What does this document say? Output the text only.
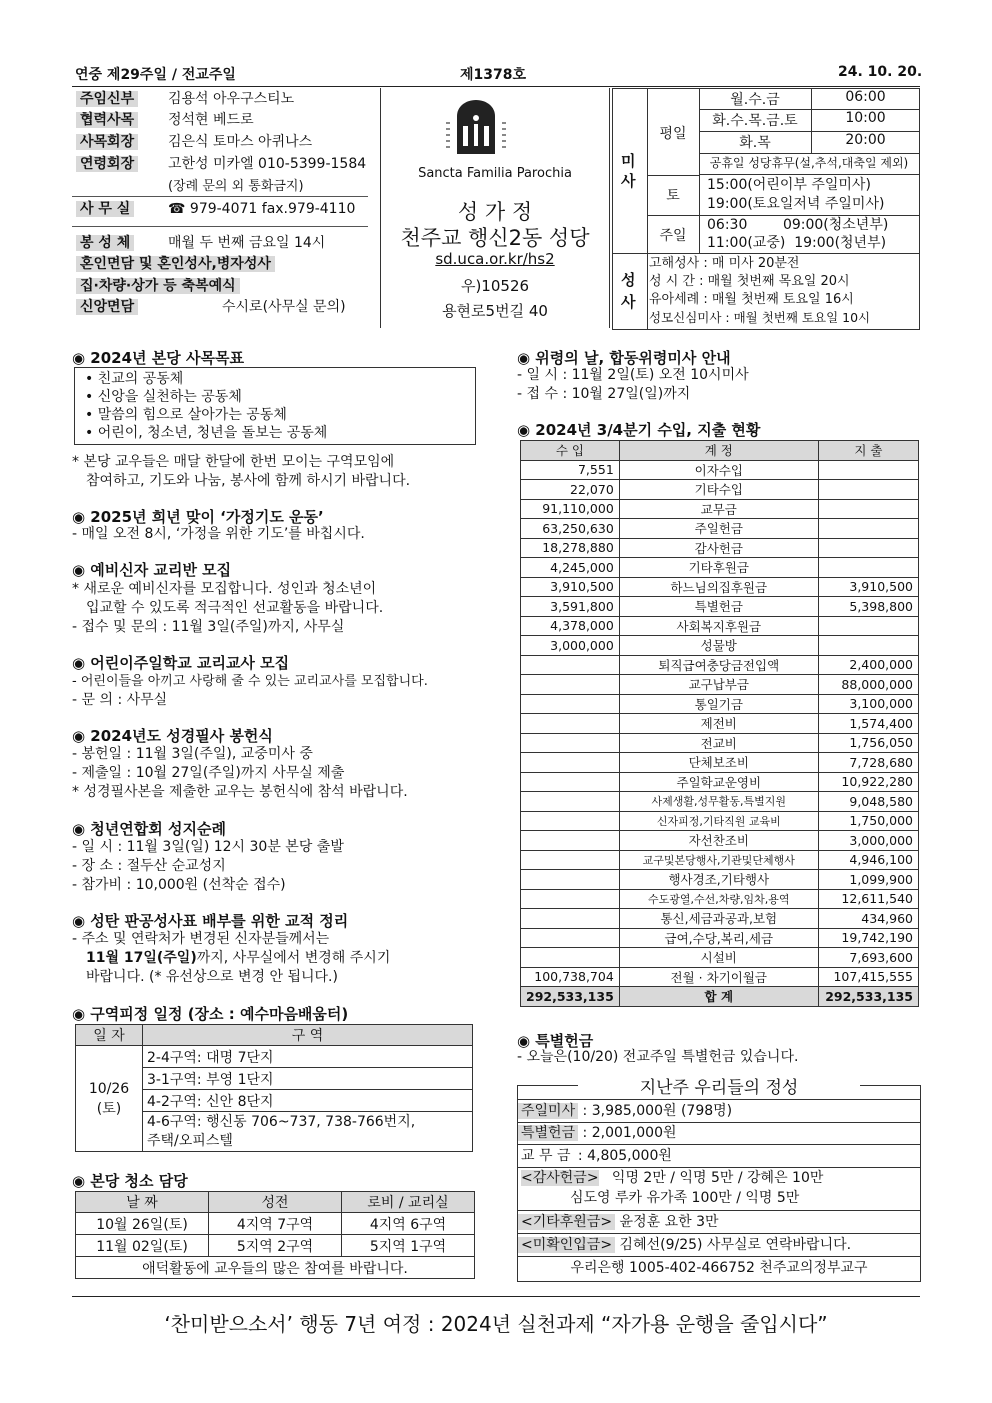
연중 제29주일 / 전교주일	제1378호	24. 10. 20.
주임신부 김용석 아우구스티노
협력사목 정석현 베드로
사목회장 김은식 토마스 아퀴나스
연령회장 고한성 미카엘 010-5399-1584
(장례 문의 외 통화금지)
사 무 실	☎ 979-4071 fax.979-4110
봉 성 체	매월 두 번째 금요일 14시
혼인면담 및 혼인성사,병자성사
집·차량·상가 등 축복예식
신앙면담	수시로(사무실 문의)
Sancta Familia Parochia
성 가 정
천주교 행신2동 성당
sd.uca.or.kr/hs2
우)10526
용현로5번길 40
미사
평일
월.수.금	06:00
화.수.목.금.토	10:00
화.목	20:00
공휴일 성당휴무(설,추석,대축일 제외)
토
15:00(어린이부 주일미사)
19:00(토요일저녁 주일미사)
주일
06:30        09:00(청소년부)
11:00(교중)  19:00(청년부)
성사
고해성사 : 매 미사 20분전
성 시 간 : 매월 첫번째 목요일 20시
유아세례 : 매월 첫번째 토요일 16시
성모신심미사 : 매월 첫번째 토요일 10시
◉ 2024년 본당 사목목표
• 친교의 공동체
• 신앙을 실천하는 공동체
• 말씀의 힘으로 살아가는 공동체
• 어린이, 청소년, 청년을 돌보는 공동체
* 본당 교우들은 매달 한달에 한번 모이는 구역모임에
참여하고, 기도와 나눔, 봉사에 함께 하시기 바랍니다.
◉ 2025년 희년 맞이 ‘가정기도 운동’
- 매일 오전 8시, ‘가정을 위한 기도’를 바칩시다.
◉ 예비신자 교리반 모집
* 새로운 예비신자를 모집합니다. 성인과 청소년이
입교할 수 있도록 적극적인 선교활동을 바랍니다.
- 접수 및 문의 : 11월 3일(주일)까지, 사무실
◉ 어린이주일학교 교리교사 모집
- 어린이들을 아끼고 사랑해 줄 수 있는 교리교사를 모집합니다.
- 문 의 : 사무실
◉ 2024년도 성경필사 봉헌식
- 봉헌일 : 11월 3일(주일), 교중미사 중
- 제출일 : 10월 27일(주일)까지 사무실 제출
* 성경필사본을 제출한 교우는 봉헌식에 참석 바랍니다.
◉ 청년연합회 성지순례
- 일 시 : 11월 3일(일) 12시 30분 본당 출발
- 장 소 : 절두산 순교성지
- 참가비 : 10,000원 (선착순 접수)
◉ 성탄 판공성사표 배부를 위한 교적 정리
- 주소 및 연락처가 변경된 신자분들께서는
11월 17일(주일)까지, 사무실에서 변경해 주시기
바랍니다. (* 유선상으로 변경 안 됩니다.)
◉ 구역피정 일정 (장소 : 예수마음배움터)
일 자	구 역

10/26
(토)	2-4구역: 대명 7단지
	3-1구역: 부영 1단지
	4-2구역: 신안 8단지

	4-6구역: 행신동 706~737, 738-766번지,
주택/오피스텔
◉ 본당 청소 담당
날 짜	성전	로비 / 교리실
10월 26일(토)	4지역 7구역	4지역 6구역
11월 02일(토)	5지역 2구역	5지역 1구역
애덕활동에 교우들의 많은 참여를 바랍니다.		
◉ 위령의 날, 합동위령미사 안내
- 일 시 : 11월 2일(토) 오전 10시미사
- 접 수 : 10월 27일(일)까지
◉ 2024년 3/4분기 수입, 지출 현황
수 입	계 정	지 출
7,551	이자수입	
22,070	기타수입	
91,110,000	교무금	
63,250,630	주일헌금	
18,278,880	감사헌금	
4,245,000	기타후원금	
3,910,500	하느님의집후원금	3,910,500
3,591,800	특별헌금	5,398,800
4,378,000	사회복지후원금	
3,000,000	성물방	
	퇴직급여충당금전입액	2,400,000
	교구납부금	88,000,000
	통일기금	3,100,000
	제전비	1,574,400
	전교비	1,756,050
	단체보조비	7,728,680
	주일학교운영비	10,922,280
	사제생활,성무활동,특별지원	9,048,580
	신자피정,기타직원 교육비	1,750,000
	자선찬조비	3,000,000
	교구및본당행사,기관및단체행사	4,946,100
	행사경조,기타행사	1,099,900
	수도광열,수선,차량,임차,용역	12,611,540
	통신,세금과공과,보험	434,960
	급여,수당,복리,세금	19,742,190
	시설비	7,693,600
100,738,704	전월 · 차기이월금	107,415,555
292,533,135	합 계	292,533,135
◉ 특별헌금
- 오늘은(10/20) 전교주일 특별헌금 있습니다.
지난주 우리들의 정성
주일미사 : 3,985,000원 (798명)
특별헌금 : 2,001,000원
교 무 금 : 4,805,000원
<감사헌금> 익명 2만 / 익명 5만 / 강혜은 10만
심도영 루카 유가족 100만 / 익명 5만
<기타후원금> 윤정훈 요한 3만
<미확인입금> 김혜선(9/25) 사무실로 연락바랍니다.
우리은행 1005-402-466752 천주교의정부교구
‘찬미받으소서’ 행동 7년 여정 : 2024년 실천과제 “자가용 운행을 줄입시다”
